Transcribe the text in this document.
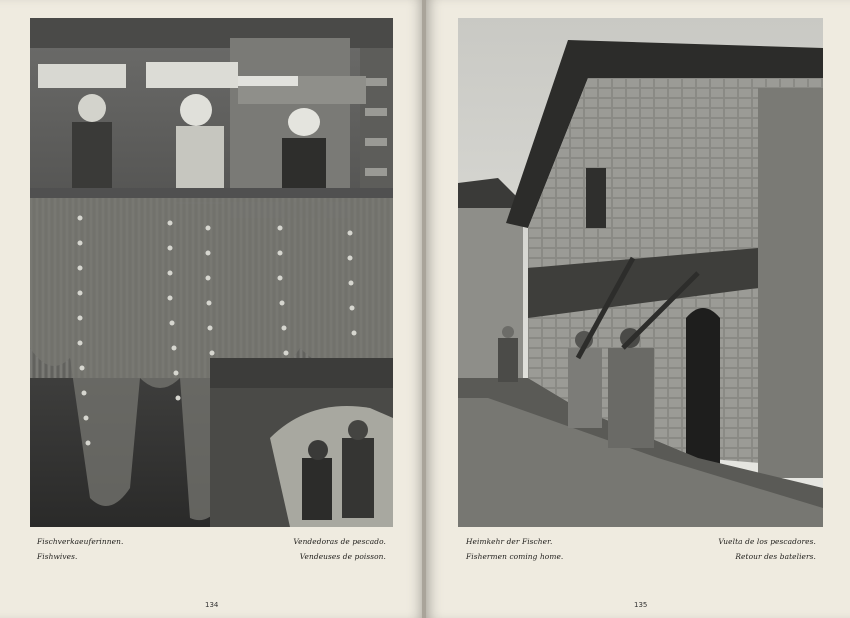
Fischverkaeuferinnen.
Fishwives.
Vendedoras de pescado.
Vendeuses de poisson.
134
Heimkehr der Fischer.
Fishermen coming home.
Vuelta de los pescadores.
Retour des bateliers.
135
